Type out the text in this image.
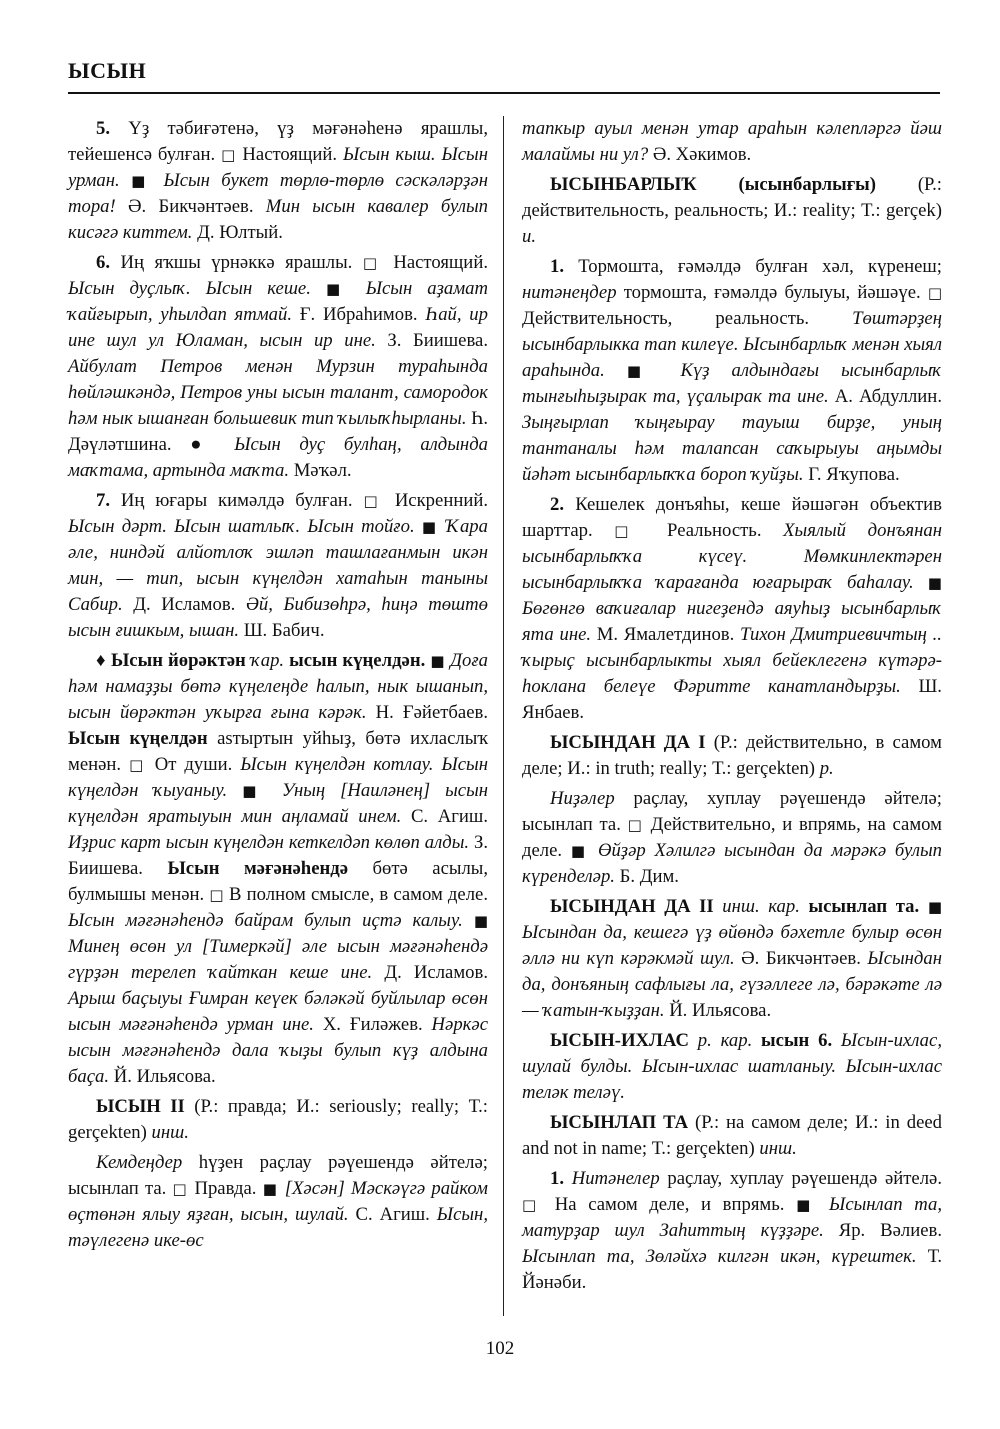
ЫСЫН

5. Үҙ тәбиғәтенә, үҙ мәғәнәһенә ярашлы, тейешенсә булған. □ Настоящий. Ысын кыш. Ысын урман. ■ Ысын букет төрлө-төрлө сәскәләрҙән тора! Ә. Бикчәнтәев. Мин ысын кавалер булып кисәгә киттем. Д. Юлтый.

6. Иң яҡшы үрнәккә ярашлы. □ Настоящий. Ысын дуҫлыҡ. Ысын кеше. ■ Ысын аҙамат ҡайғырып, уһылдап ятмай. Ғ. Ибраһимов. Һай, ир ине шул ул Юламан, ысын ир ине. З. Биишева. Айбулат Петров менән Мурзин тураһында һөйләшкәндә, Петров уны ысын талант, самородок һәм нык ышанған большевик тип ҡылыҡһырланы. Һ. Дәүләтшина. ● Ысын дуҫ булһаң, алдында маҡтама, артында маҡта. Мәҡәл.

7. Иң юғары кимәлдә булған. □ Искренний. Ысын дәрт. Ысын шатлыҡ. Ысын тойғо. ■ Ҡара әле, ниндәй алйотлоҡ эшләп ташлағанмын икән мин, — тип, ысын күңелдән хатаһын таныны Сабир. Д. Исламов. Әй, Бибизөһрә, һиңә төштө ысын ғишкым, ышан. Ш. Бабич.

♦ Ысын йөрәктән ҡар. ысын күңелдән. ■ Доға һәм намаҙҙы бөтә күңелеңде һалып, нык ышанып, ысын йөрәктән уҡырға ғына кәрәк. Н. Ғәйетбаев. Ысын күңелдән asтыртын уйһыҙ, бөтә ихласлыҡ менән. □ От души. Ысын күңелдән котлау. Ысын күңелдән ҡыуаныу. ■ Уның [Наиләнең] ысын күңелдән яратыуын мин аңламай инем. С. Агиш. Иҙрис карт ысын күңелдән кеткелдәп көлөп алды. З. Биишева. Ысын мәғәнәһендә бөтә асылы, булмышы менән. □ В полном смысле, в самом деле. Ысын мәғәнәһендә байрам булып иҫтә калыу. ■ Минең өсөн ул [Тимеркәй] әле ысын мәғәнәһендә гүрҙән терелеп ҡайткан кеше ине. Д. Исламов. Арыш баҫыуы Ғимран кеүек бәләкәй буйлылар өсөн ысын мәғәнәһендә урман ине. Х. Ғиләжев. Нәркәс ысын мәғәнәһендә дала ҡыҙы булып күҙ алдына баҫа. Й. Ильясова.

ЫСЫН II (Р.: правда; И.: seriously; really; Т.: gerçekten) инш.

Кемдеңдер һүҙен раҫлау рәүешендә әйтелә; ысынлап та. □ Правда. ■ [Хәсән] Мәскәүгә райком өҫтөнән ялыу яҙған, ысын, шулай. С. Агиш. Ысын, тәүлегенә ике-өс

тапкыр ауыл менән утар араһын кәлепләргә йәш малаймы ни ул? Ә. Хәкимов.

ЫСЫНБАРЛЫҠ (ысынбарлығы) (Р.: действительность, реальность; И.: reality; Т.: gerçek) и.

1. Тормошта, ғәмәлдә булған хәл, күренеш; ниmәнеңдер тормошта, ғәмәлдә булыуы, йәшәүе. □ Действительность, реальность. Төштәрҙең ысынбарлыкка тап килеүе. Ысынбарлыҡ менән хыял араһында. ■ Күҙ алдындағы ысынбарлыҡ тынғыһыҙырак та, үҫалырак та ине. А. Абдуллин. Зыңғырлап ҡыңғырау тауыш бирҙе, уның тантаналы һәм талапсан саҡырыуы аңымды йәһәт ысынбарлыҡҡа бороп ҡуйҙы. Г. Яҡупова.

2. Кешелек донъяһы, кеше йәшәгән объектив шарттар. □ Реальность. Хыялый донъянан ысынбарлыҡҡа күсеү. Мөмкинлектәрен ысынбарлыҡҡа ҡарағанда юғарыраҡ баһалау. ■ Бөгөнгө ваҡиғалар нигеҙендә аяуһыҙ ысынбарлыҡ ята ине. М. Ямалетдинов. Тихон Дмитриевичтың .. ҡырыҫ ысынбарлыкты хыял бейеклегенә күтәрә-һоклана белеүе Фәритте канатландырҙы. Ш. Янбаев.

ЫСЫНДАН ДА I (Р.: действительно, в самом деле; И.: in truth; really; Т.: gerçekten) р.

Ниҙәлер раҫлау, хуплау рәүешендә әйтелә; ысынлап та. □ Действительно, и впрямь, на самом деле. ■ Өйҙәр Хәлилгә ысындан да мәрәкә булып күренделәр. Б. Дим.

ЫСЫНДАН ДА II инш. кар. ысынлап та. ■ Ысындан да, кешегә үҙ өйөндә бәхетле булыр өсөн әллә ни күп кәрәкмәй шул. Ә. Бикчәнтәев. Ысындан да, донъяның сафлығы ла, гүзәллеге лә, бәрәкәте лә — ҡатын-ҡыҙҙан. Й. Ильясова.

ЫСЫН-ИХЛАС р. кар. ысын 6. Ысын-ихлас, шулай булды. Ысын-ихлас шатланыу. Ысын-ихлас теләк теләү.

ЫСЫНЛАП ТА (Р.: на самом деле; И.: in deed and not in name; Т.: gerçekten) инш.

1. Ниmәнелер раҫлау, хуплау рәүешендә әйтелә. □ На самом деле, и впрямь. ■ Ысынлап та, матурҙар шул Заһиттың күҙҙәре. Яр. Вәлиев. Ысынлап та, Зөләйхә килгән икән, күрештек. Т. Йәнәби.

102
